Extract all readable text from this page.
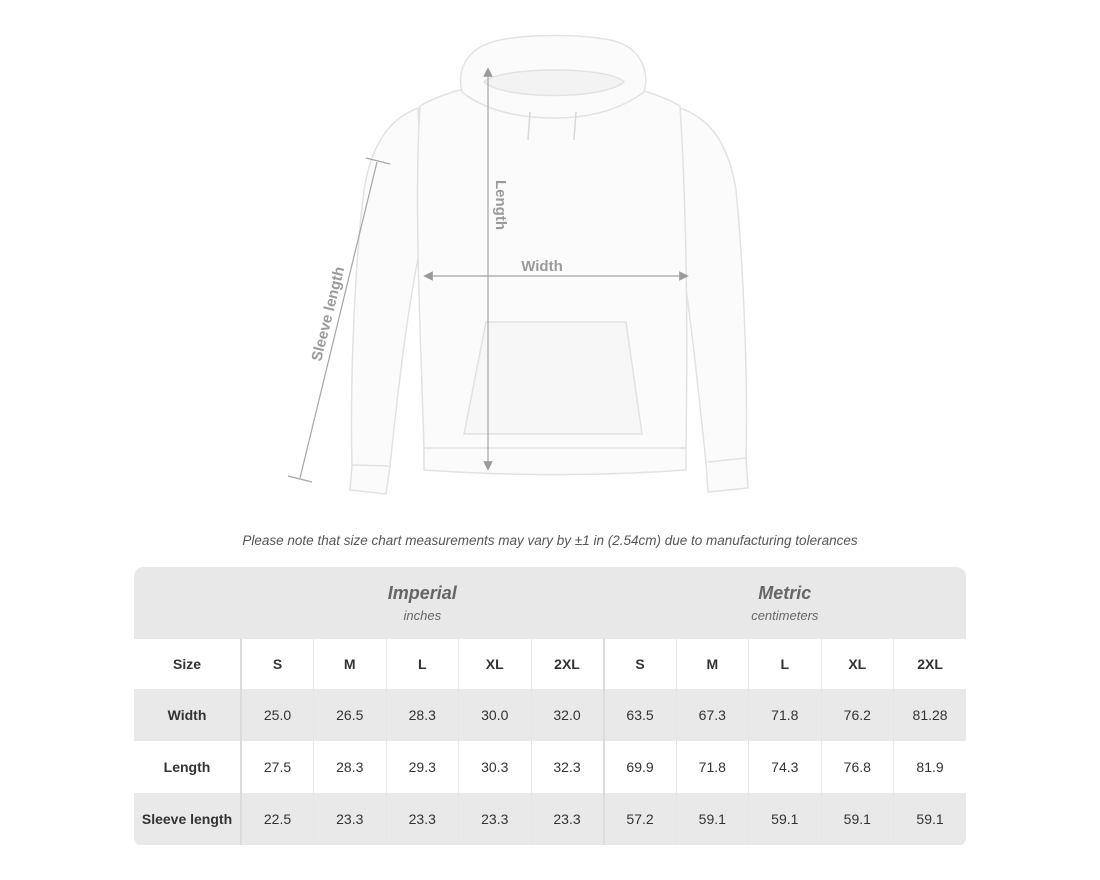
Length
Width
Sleeve length
Please note that size chart measurements may vary by ±1 in (2.54cm) due to manufacturing tolerances

	Imperial
inches					Metric
centimeters				

Size	S	M	L	XL	2XL	S	M	L	XL	2XL
Width	25.0	26.5	28.3	30.0	32.0	63.5	67.3	71.8	76.2	81.28
Length	27.5	28.3	29.3	30.3	32.3	69.9	71.8	74.3	76.8	81.9
Sleeve length	22.5	23.3	23.3	23.3	23.3	57.2	59.1	59.1	59.1	59.1
